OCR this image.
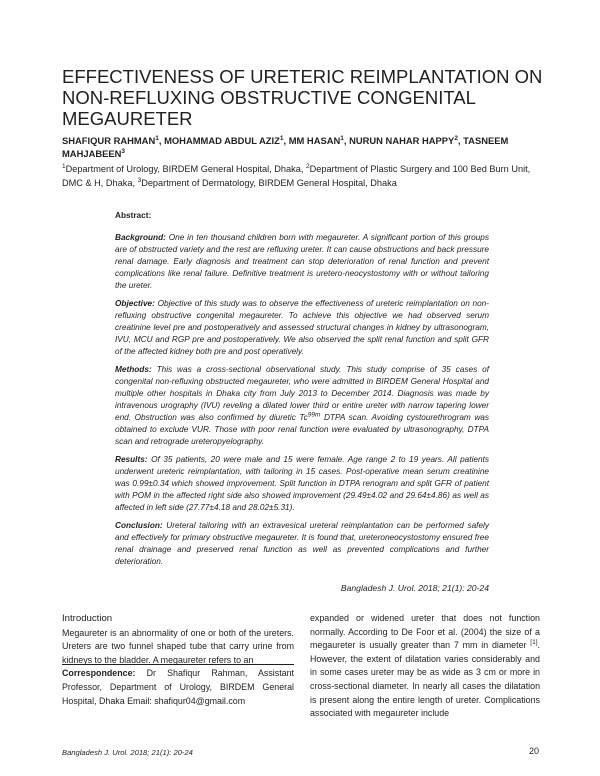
EFFECTIVENESS OF URETERIC REIMPLANTATION ON
NON-REFLUXING OBSTRUCTIVE CONGENITAL
MEGAURETER
SHAFIQUR RAHMAN$^1$, MOHAMMAD ABDUL AZIZ$^1$, MM HASAN$^1$, NURUN NAHAR HAPPY$^2$, TASNEEM MAHJABEEN$^3$
$^1$Department of Urology, BIRDEM General Hospital, Dhaka, $^2$Department of Plastic Surgery and 100 Bed Burn Unit, DMC & H, Dhaka, $^3$Department of Dermatology, BIRDEM General Hospital, Dhaka

Abstract:

Background: One in ten thousand children born with megaureter. A significant portion of this groups are of obstructed variety and the rest are refluxing ureter. It can cause obstructions and back pressure renal damage. Early diagnosis and treatment can stop deterioration of renal function and prevent complications like renal failure. Definitive treatment is uretero-neocystostomy with or without tailoring the ureter.

Objective: Objective of this study was to observe the effectiveness of ureteric reimplantation on non-refluxing obstructive congenital megaureter. To achieve this objective we had observed serum creatinine level pre and postoperatively and assessed structural changes in kidney by ultrasonogram, IVU, MCU and RGP pre and postoperatively. We also observed the split renal function and split GFR of the affected kidney both pre and post operatively.

Methods: This was a cross-sectional observational study. This study comprise of 35 cases of congenital non-refluxing obstructed megaureter, who were admitted in BIRDEM General Hospital and multiple other hospitals in Dhaka city from July 2013 to December 2014. Diagnosis was made by intravenous urography (IVU) reveling a dilated lower third or entire ureter with narrow tapering lower end. Obstruction was also confirmed by diuretic $Tc^{99m}$ DTPA scan. Avoiding cystourethrogram was obtained to exclude VUR. Those with poor renal function were evaluated by ultrasonography, DTPA scan and retrograde ureteropyelography.

Results: Of 35 patients, 20 were male and 15 were female. Age range 2 to 19 years. All patients underwent ureteric reimplantation, with tailoring in 15 cases. Post-operative mean serum creatinine was 0.99±0.34 which showed improvement. Split function in DTPA renogram and split GFR of patient with POM in the affected right side also showed improvement (29.49±4.02 and 29.64±4.86) as well as affected in left side (27.77±4.18 and 28.02±5.31).

Conclusion: Ureteral tailoring with an extravesical ureteral reimplantation can be performed safely and effectively for primary obstructive megaureter. It is found that, ureteroneocystostomy ensured free renal drainage and preserved renal function as well as prevented complications and further deterioration.

Bangladesh J. Urol. 2018; 21(1): 20-24
Introduction

Megaureter is an abnormality of one or both of the ureters. Ureters are two funnel shaped tube that carry urine from kidneys to the bladder. A megaureter refers to an

Correspondence: Dr Shafiqur Rahman, Assistant Professor, Department of Urology, BIRDEM General Hospital, Dhaka Email: shafiqur04@gmail.com

expanded or widened ureter that does not function normally. According to De Foor et al. (2004) the size of a megaureter is usually greater than 7 mm in diameter [1]. However, the extent of dilatation varies considerably and in some cases ureter may be as wide as 3 cm or more in cross-sectional diameter. In nearly all cases the dilatation is present along the entire length of ureter. Complications associated with megaureter include

Bangladesh J. Urol. 2018; 21(1): 20-24	20
